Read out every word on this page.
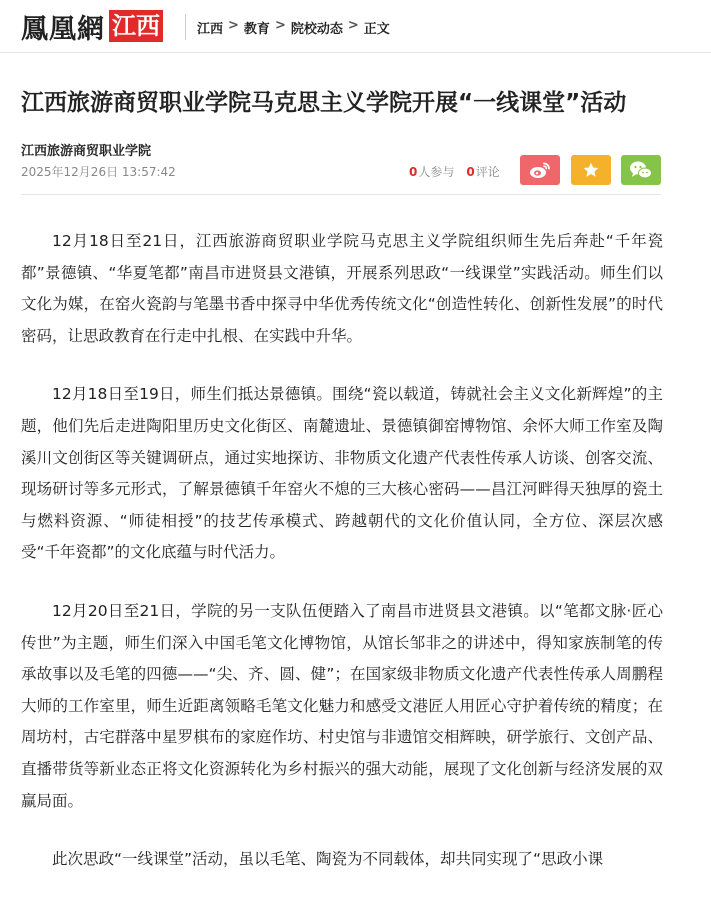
鳳凰網 江西	江西 > 教育 > 院校动态 > 正文
江西旅游商贸职业学院马克思主义学院开展“一线课堂”活动
江西旅游商贸职业学院
2025年12月26日 13:57:42	0人参与 0评论

12月18日至21日，江西旅游商贸职业学院马克思主义学院组织师生先后奔赴“千年瓷都”景德镇、“华夏笔都”南昌市进贤县文港镇，开展系列思政“一线课堂”实践活动。师生们以文化为媒，在窑火瓷韵与笔墨书香中探寻中华优秀传统文化“创造性转化、创新性发展”的时代密码，让思政教育在行走中扎根、在实践中升华。

12月18日至19日，师生们抵达景德镇。围绕“瓷以载道，铸就社会主义文化新辉煌”的主题，他们先后走进陶阳里历史文化街区、南麓遗址、景德镇御窑博物馆、余怀大师工作室及陶溪川文创街区等关键调研点，通过实地探访、非物质文化遗产代表性传承人访谈、创客交流、现场研讨等多元形式，了解景德镇千年窑火不熄的三大核心密码——昌江河畔得天独厚的瓷土与燃料资源、“师徒相授”的技艺传承模式、跨越朝代的文化价值认同，全方位、深层次感受“千年瓷都”的文化底蕴与时代活力。

12月20日至21日，学院的另一支队伍便踏入了南昌市进贤县文港镇。以“笔都文脉·匠心传世”为主题，师生们深入中国毛笔文化博物馆，从馆长邹非之的讲述中，得知家族制笔的传承故事以及毛笔的四德——“尖、齐、圆、健”；在国家级非物质文化遗产代表性传承人周鹏程大师的工作室里，师生近距离领略毛笔文化魅力和感受文港匠人用匠心守护着传统的精度；在周坊村，古宅群落中星罗棋布的家庭作坊、村史馆与非遗馆交相辉映，研学旅行、文创产品、直播带货等新业态正将文化资源转化为乡村振兴的强大动能，展现了文化创新与经济发展的双赢局面。

此次思政“一线课堂”活动，虽以毛笔、陶瓷为不同载体，却共同实现了“思政小课
